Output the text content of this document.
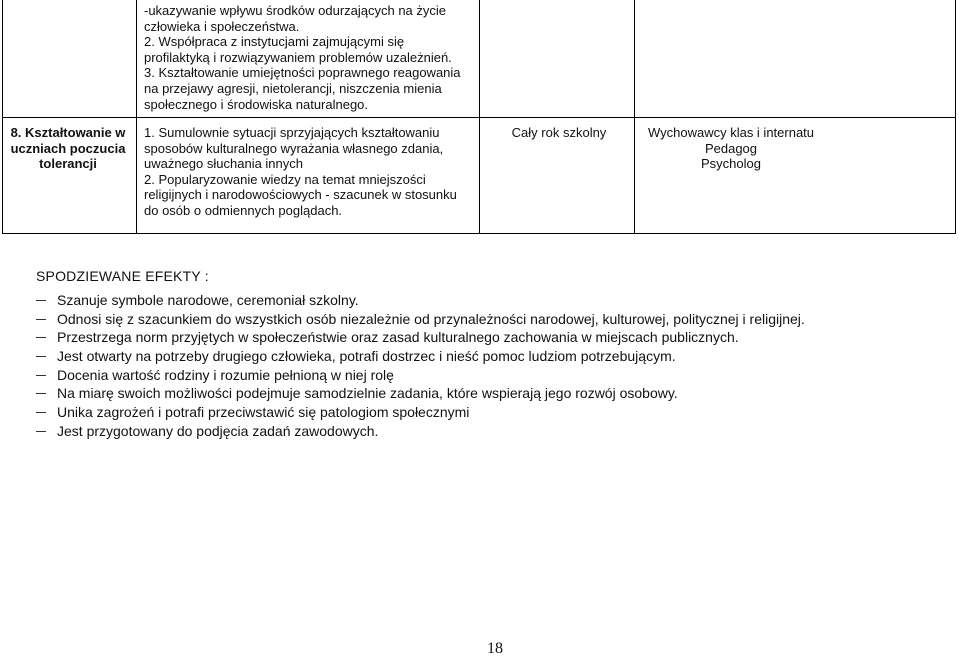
-ukazywanie wpływu środków odurzających na życie

człowieka i społeczeństwa.

2. Współpraca z instytucjami zajmującymi się

profilaktyką i rozwiązywaniem problemów uzależnień.

3. Kształtowanie umiejętności poprawnego reagowania

na przejawy agresji, nietolerancji, niszczenia mienia

społecznego i środowiska naturalnego.

8. Kształtowanie w

uczniach poczucia

tolerancji

1. Sumulownie sytuacji sprzyjających kształtowaniu

sposobów kulturalnego wyrażania własnego zdania,

uważnego słuchania innych

2. Popularyzowanie wiedzy na temat mniejszości

religijnych i narodowościowych - szacunek w stosunku

do osób o odmiennych poglądach.

Cały rok szkolny	Wychowawcy klas i internatu

Pedagog

Psycholog

SPODZIEWANE EFEKTY :
Szanuje symbole narodowe, ceremoniał szkolny.
Odnosi się z szacunkiem do wszystkich osób niezależnie od przynależności narodowej, kulturowej, politycznej i religijnej.
Przestrzega norm przyjętych w społeczeństwie oraz zasad kulturalnego zachowania w miejscach publicznych.
Jest otwarty na potrzeby drugiego człowieka, potrafi dostrzec i nieść pomoc ludziom potrzebującym.
Docenia wartość rodziny i rozumie pełnioną w niej rolę
Na miarę swoich możliwości podejmuje samodzielnie zadania, które wspierają jego rozwój osobowy.
Unika zagrożeń i potrafi przeciwstawić się patologiom społecznymi
Jest przygotowany do podjęcia zadań zawodowych.
18
